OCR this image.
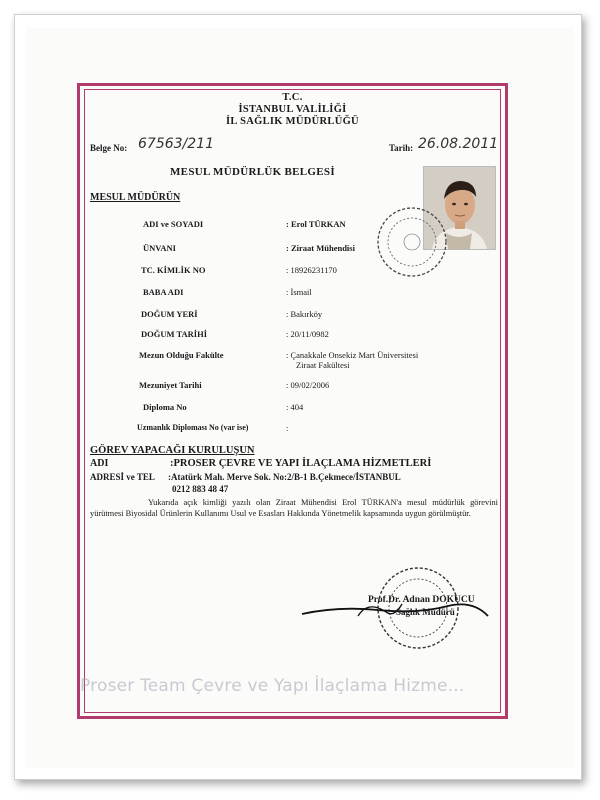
T.C.
İSTANBUL VALİLİĞİ
İL SAĞLIK MÜDÜRLÜĞÜ
Belge No: 67563/211	Tarih: 26.08.2011
MESUL MÜDÜRLÜK BELGESİ
MESUL MÜDÜRÜN
ADI ve SOYADI	: Erol TÜRKAN
ÜNVANI	: Ziraat Mühendisi
TC. KİMLİK NO	: 18926231170
BABA ADI	: İsmail
DOĞUM YERİ	: Bakırköy
DOĞUM TARİHİ	: 20/11/0982
Mezun Olduğu Fakülte	: Çanakkale Onsekiz Mart Üniversitesi
Ziraat Fakültesi
Mezuniyet Tarihi	: 09/02/2006
Diploma No	: 404
Uzmanlık Diploması No (var ise)	:
GÖREV YAPACAĞI KURULUŞUN
ADI	:PROSER ÇEVRE VE YAPI İLAÇLAMA HİZMETLERİ
ADRESİ ve TEL :Atatürk Mah. Merve Sok. No:2/B-1 B.Çekmece/İSTANBUL
0212 883 48 47
Yukarıda açık kimliği yazılı olan Ziraat Mühendisi Erol TÜRKAN'a mesul müdürlük görevini yürütmesi Biyosidal Ürünlerin Kullanımı Usul ve Esasları Hakkında Yönetmelik kapsamında uygun görülmüştür.
Prof.Dr. Adnan DOKUCU
Sağlık Müdürü
Proser Team Çevre ve Yapı İlaçlama Hizme...
